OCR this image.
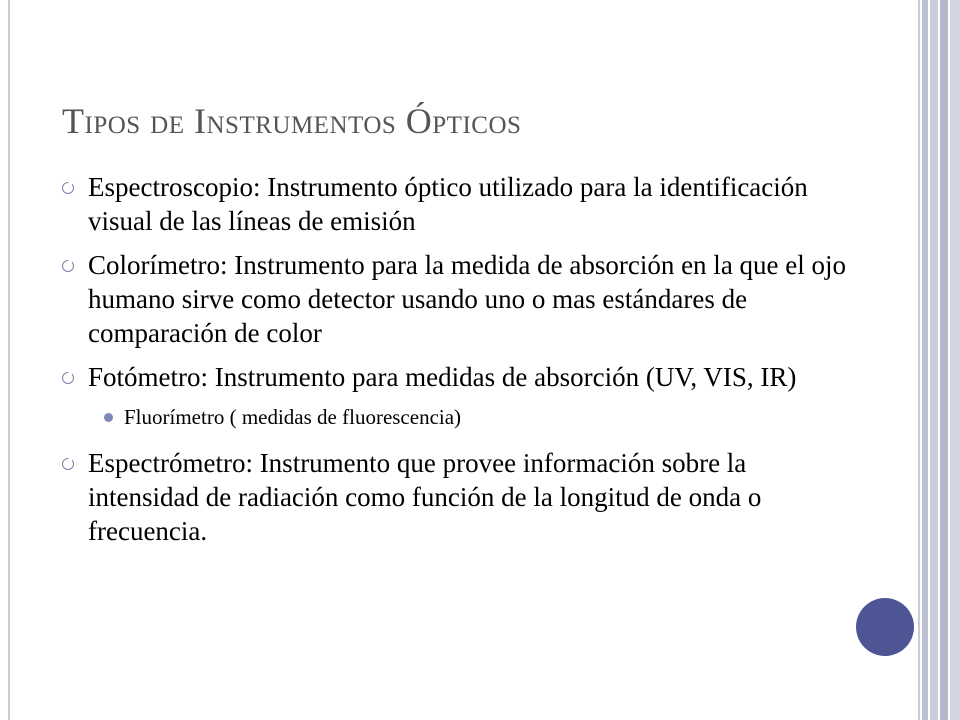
Tipos de Instrumentos Ópticos
Espectroscopio: Instrumento óptico utilizado para la identificación visual de las líneas de emisión
Colorímetro: Instrumento para la medida de absorción en la que el ojo humano sirve como detector usando uno o mas estándares de comparación de color
Fotómetro: Instrumento para medidas de absorción (UV, VIS, IR)
Fluorímetro ( medidas de fluorescencia)
Espectrómetro: Instrumento que provee información sobre la intensidad de radiación como función de la longitud de onda o frecuencia.
